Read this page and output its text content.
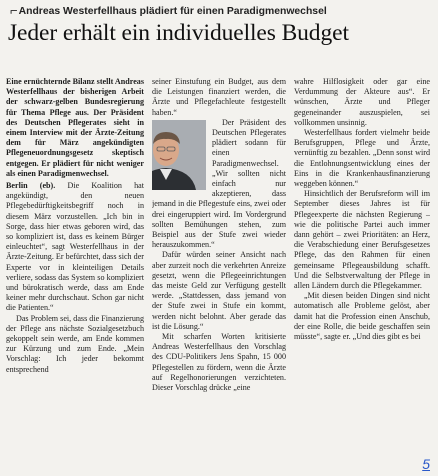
⌐Andreas Westerfellhaus plädiert für einen Paradigmenwechsel
Jeder erhält ein individuelles Budget

Eine ernüchternde Bilanz stellt Andreas Westerfellhaus der bisherigen Arbeit der schwarz-gelben Bundesregierung für Thema Pflege aus. Der Präsident des Deutschen Pflegerates sieht in einem Interview mit der Ärzte-Zeitung dem für März angekündigten Pflegeneuordnungsgesetz skeptisch entgegen. Er plädiert für nicht weniger als einen Paradigmenwechsel.

Berlin (eb). Die Koalition hat angekündigt, den neuen Pflegebedürftigkeitsbegriff noch in diesem März vorzustellen. „Ich bin in Sorge, dass hier etwas geboren wird, das so kompliziert ist, dass es keinem Bürger einleuchtet“, sagt Westerfellhaus in der Ärzte-Zeitung. Er befürchtet, dass sich der Experte vor in kleinteiligen Details verliere, sodass das System so kompliziert und bürokratisch werde, dass am Ende keiner mehr durchschaut. Schon gar nicht die Patienten.“

Das Problem sei, dass die Finanzierung der Pflege ans nächste Sozialgesetzbuch gekoppelt sein werde, am Ende kommen zur Kürzung und zum Ende. „Mein Vorschlag: Ich jeder bekommt entsprechend

seiner Einstufung ein Budget, aus dem die Leistungen finanziert werden, die Ärzte und Pflegefachleute festgestellt haben.“

Der Präsident des Deutschen Pflegerates plädiert sodann für einen Paradigmenwechsel. „Wir sollten nicht einfach nur akzeptieren, dass jemand in die Pflegestufe eins, zwei oder drei eingeruppiert wird. Im Vordergrund sollten Bemühungen stehen, zum Beispiel aus der Stufe zwei wieder herauszukommen.“

Dafür würden seiner Ansicht nach aber zurzeit noch die verkehrten Anreize gesetzt, wenn die Pflegeeinrichtungen das meiste Geld zur Verfügung gestellt werde. „Stattdessen, dass jemand von der Stufe zwei in Stufe ein kommt, werden nicht belohnt. Aber gerade das ist die Lösung.“

Mit scharfen Worten kritisierte Andreas Westerfellhaus den Vorschlag des CDU-Politikers Jens Spahn, 15 000 Pflegestellen zu fördern, wenn die Ärzte auf Regelhonorierungen verzichteten. Dieser Vorschlag drücke „eine

wahre Hilflosigkeit oder gar eine Verdummung der Akteure aus“. Er wünschen, Ärzte und Pfleger gegeneinander auszuspielen, sei vollkommen unsinnig.

Westerfellhaus fordert vielmehr beide Berufsgruppen, Pflege und Ärzte, vernünftig zu bezahlen. „Denn sonst wird die Entlohnungsentwicklung eines der Eins in die Krankenhausfinanzierung weggeben können.“

Hinsichtlich der Berufsreform will im September dieses Jahres ist für Pflegeexperte die nächsten Regierung – wie die politische Partei auch immer dann gehört – zwei Prioritäten: an Herz, die Verabschiedung einer Berufsgesetzes Pflege, das den Rahmen für einen gemeinsame Pflegeausbildung schafft. Und die Selbstverwaltung der Pflege in allen Ländern durch die Pflegekammer.

„Mit diesen beiden Dingen sind nicht automatisch alle Probleme gelöst, aber damit hat die Profession einen Anschub, der eine Rolle, die beide geschaffen sein müsste“, sagte er. „Und dies gibt es bei

5
